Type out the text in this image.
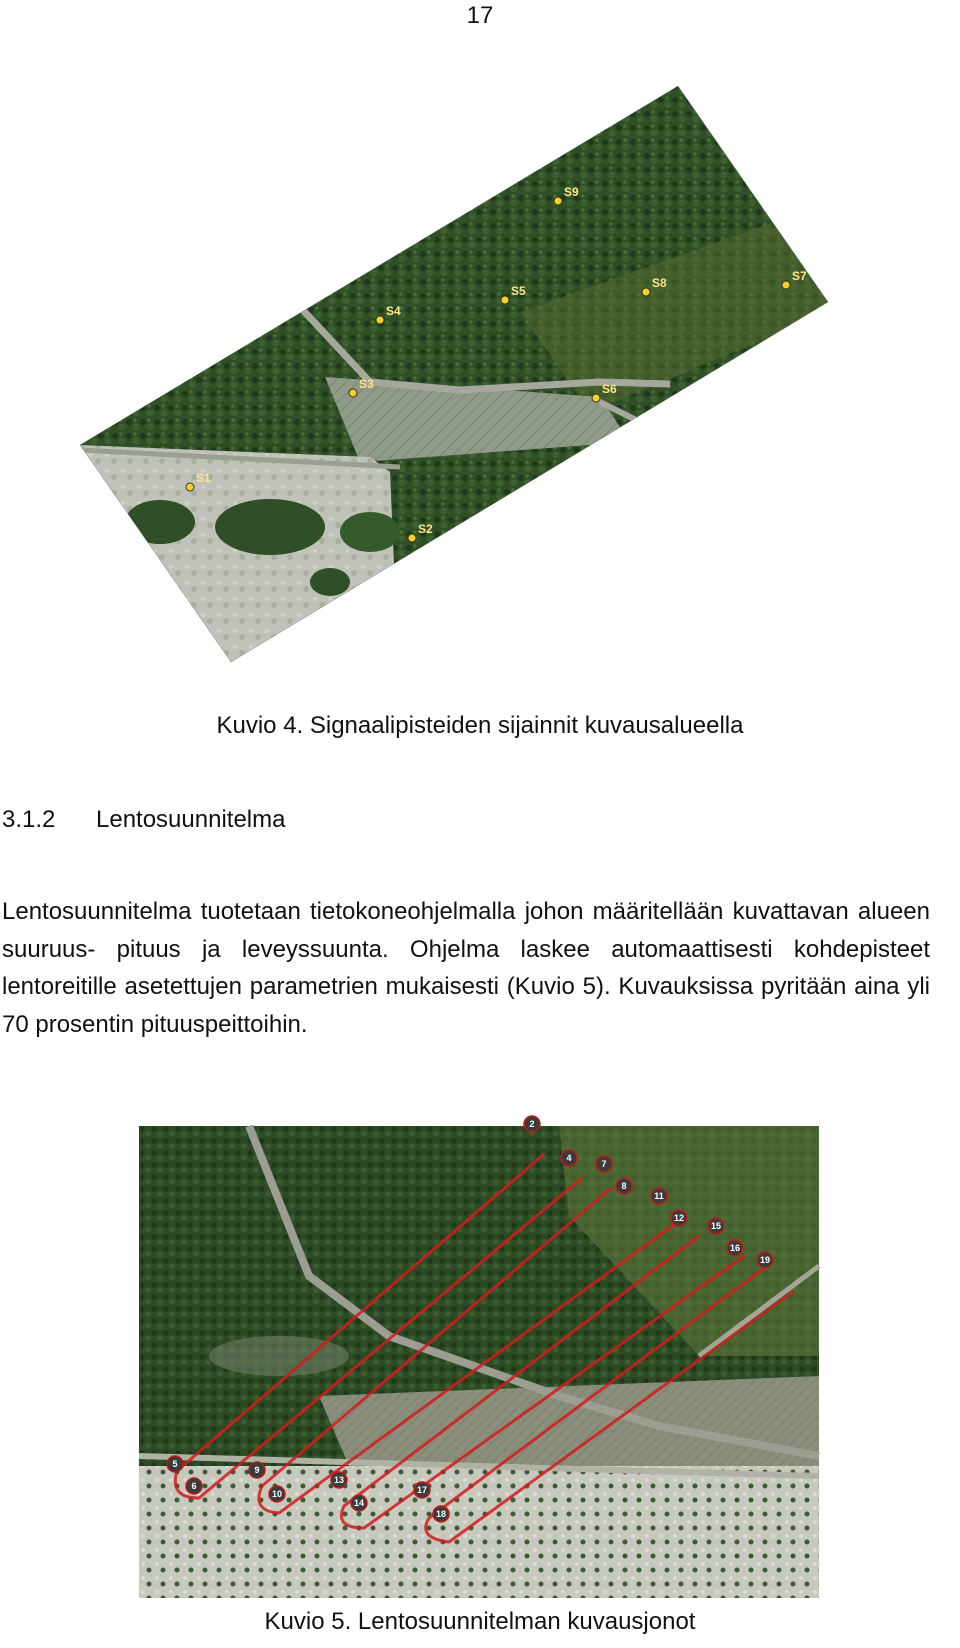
17
S9
S7
S8
S5
S4
S3	S6
S1
S2
Kuvio 4. Signaalipisteiden sijainnit kuvausalueella
3.1.2 Lentosuunnitelma
Lentosuunnitelma tuotetaan tietokoneohjelmalla johon määritellään kuvattavan alueen suuruus- pituus ja leveyssuunta. Ohjelma laskee automaattisesti kohdepisteet lentoreitille asetettujen parametrien mukaisesti (Kuvio 5). Kuvauksissa pyritään aina yli 70 prosentin pituuspeittoihin.
2
4
7
8
11
12
15
16
19
5
6
9
10
13
14
17
18
Kuvio 5. Lentosuunnitelman kuvausjonot
